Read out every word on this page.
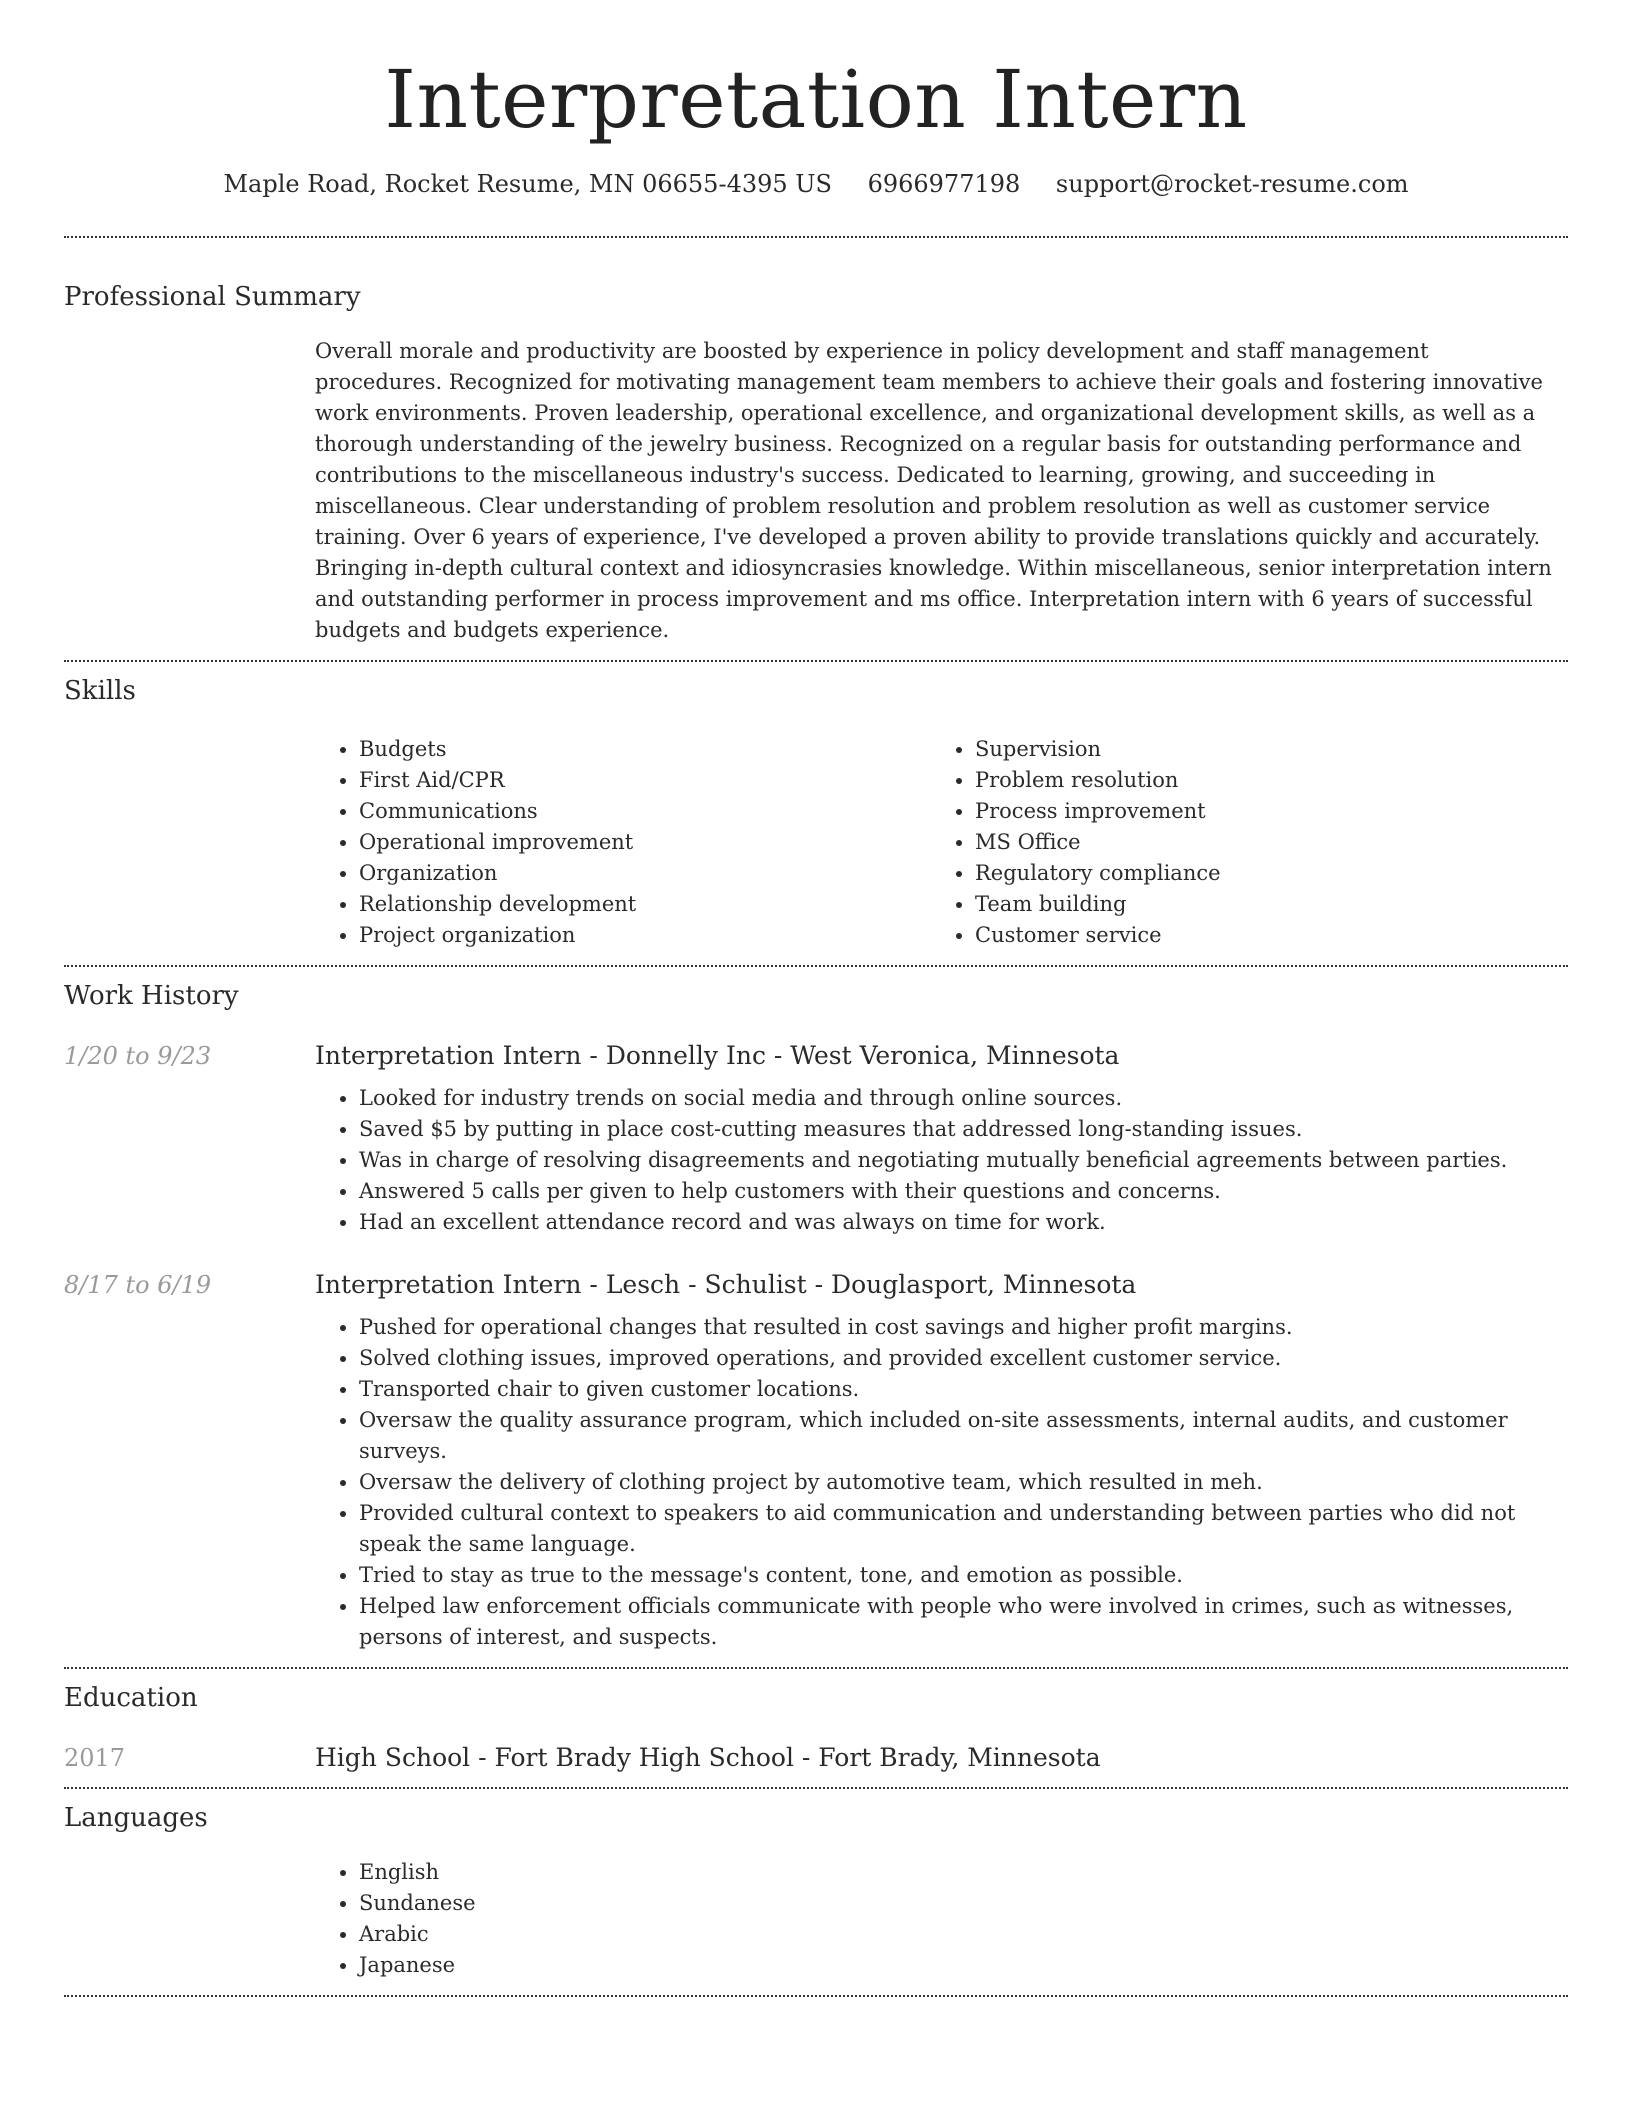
Interpretation Intern
Maple Road, Rocket Resume, MN 06655-4395 US 6966977198 support@rocket-resume.com
Professional Summary
Overall morale and productivity are boosted by experience in policy development and staff management procedures. Recognized for motivating management team members to achieve their goals and fostering innovative work environments. Proven leadership, operational excellence, and organizational development skills, as well as a thorough understanding of the jewelry business. Recognized on a regular basis for outstanding performance and contributions to the miscellaneous industry's success. Dedicated to learning, growing, and succeeding in miscellaneous. Clear understanding of problem resolution and problem resolution as well as customer service training. Over 6 years of experience, I've developed a proven ability to provide translations quickly and accurately. Bringing in-depth cultural context and idiosyncrasies knowledge. Within miscellaneous, senior interpretation intern and outstanding performer in process improvement and ms office. Interpretation intern with 6 years of successful budgets and budgets experience.
Skills
• Budgets
• First Aid/CPR
• Communications
• Operational improvement
• Organization
• Relationship development
• Project organization
• Supervision
• Problem resolution
• Process improvement
• MS Office
• Regulatory compliance
• Team building
• Customer service
Work History
1/20 to 9/23	Interpretation Intern - Donnelly Inc - West Veronica, Minnesota
• Looked for industry trends on social media and through online sources.
• Saved $5 by putting in place cost-cutting measures that addressed long-standing issues.
• Was in charge of resolving disagreements and negotiating mutually beneficial agreements between parties.
• Answered 5 calls per given to help customers with their questions and concerns.
• Had an excellent attendance record and was always on time for work.
8/17 to 6/19	Interpretation Intern - Lesch - Schulist - Douglasport, Minnesota
• Pushed for operational changes that resulted in cost savings and higher profit margins.
• Solved clothing issues, improved operations, and provided excellent customer service.
• Transported chair to given customer locations.
• Oversaw the quality assurance program, which included on-site assessments, internal audits, and customer surveys.
• Oversaw the delivery of clothing project by automotive team, which resulted in meh.
• Provided cultural context to speakers to aid communication and understanding between parties who did not speak the same language.
• Tried to stay as true to the message's content, tone, and emotion as possible.
• Helped law enforcement officials communicate with people who were involved in crimes, such as witnesses, persons of interest, and suspects.
Education
2017	High School - Fort Brady High School - Fort Brady, Minnesota
Languages
• English
• Sundanese
• Arabic
• Japanese
